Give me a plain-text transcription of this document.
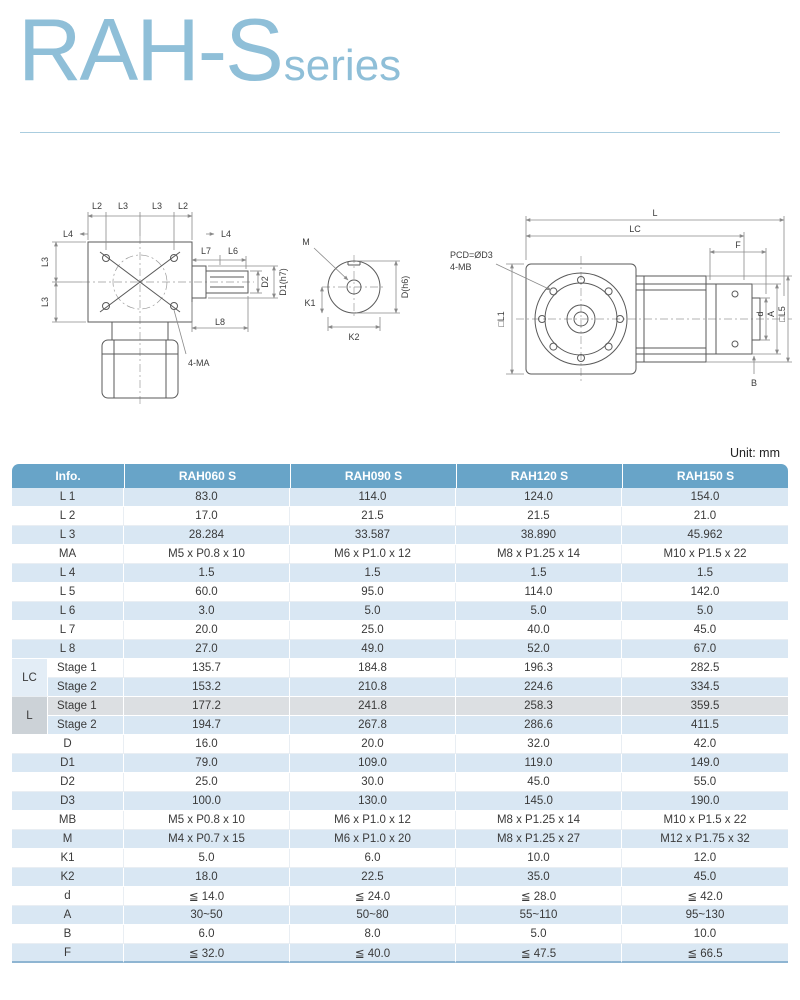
RAH-S series
L2 L3	L3 L2
L4	L4
L7 L6
D2 D1(h7)
L8
L3
L3
4-MA
M
D(h6)
K1
K2
L
LC
F
PCD=ØD3
4-MB
□L1	d A □L5
B
Unit: mm
Info.		RAH060 S	RAH090 S	RAH120 S	RAH150 S
L 1		83.0	114.0	124.0	154.0
L 2		17.0	21.5	21.5	21.0
L 3		28.284	33.587	38.890	45.962
MA		M5 x P0.8 x 10	M6 x P1.0 x 12	M8 x P1.25 x 14	M10 x P1.5 x 22
L 4		1.5	1.5	1.5	1.5
L 5		60.0	95.0	114.0	142.0
L 6		3.0	5.0	5.0	5.0
L 7		20.0	25.0	40.0	45.0
L 8		27.0	49.0	52.0	67.0
LC	Stage 1	135.7	184.8	196.3	282.5
	Stage 2	153.2	210.8	224.6	334.5
L	Stage 1	177.2	241.8	258.3	359.5
	Stage 2	194.7	267.8	286.6	411.5
D		16.0	20.0	32.0	42.0
D1		79.0	109.0	119.0	149.0
D2		25.0	30.0	45.0	55.0
D3		100.0	130.0	145.0	190.0
MB		M5 x P0.8 x 10	M6 x P1.0 x 12	M8 x P1.25 x 14	M10 x P1.5 x 22
M		M4 x P0.7 x 15	M6 x P1.0 x 20	M8 x P1.25 x 27	M12 x P1.75 x 32
K1		5.0	6.0	10.0	12.0
K2		18.0	22.5	35.0	45.0
d		≦ 14.0	≦ 24.0	≦ 28.0	≦ 42.0
A		30~50	50~80	55~110	95~130
B		6.0	8.0	5.0	10.0
F		≦ 32.0	≦ 40.0	≦ 47.5	≦ 66.5
